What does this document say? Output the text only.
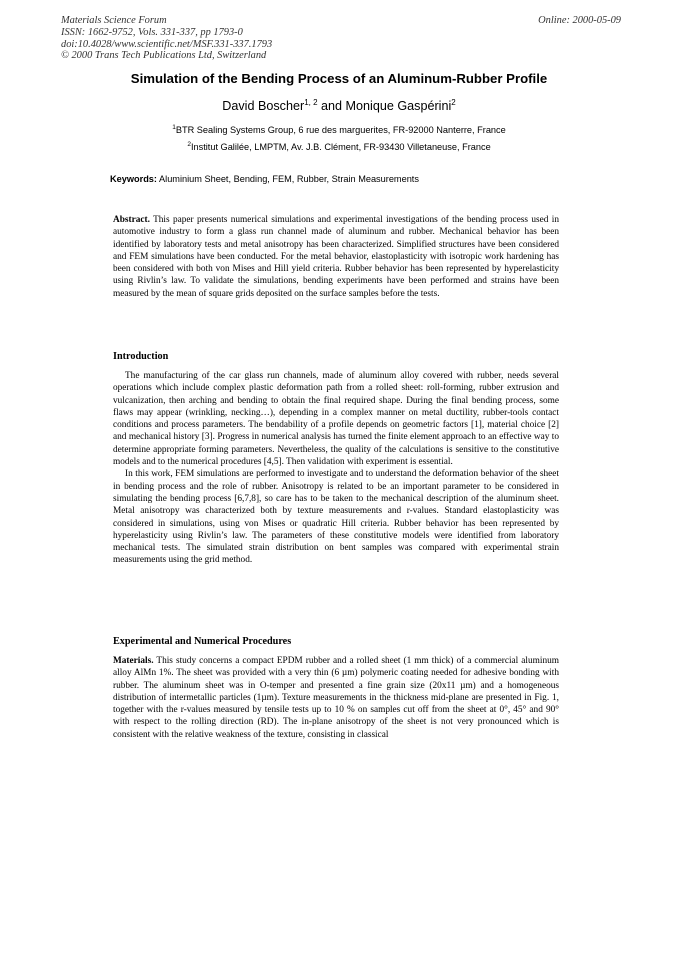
Materials Science Forum
ISSN: 1662-9752, Vols. 331-337, pp 1793-0
doi:10.4028/www.scientific.net/MSF.331-337.1793
© 2000 Trans Tech Publications Ltd, Switzerland
Online: 2000-05-09
Simulation of the Bending Process of an Aluminum-Rubber Profile
David Boscher$^{1, 2}$ and Monique Gaspérini$^2$
$^1$BTR Sealing Systems Group, 6 rue des marguerites, FR-92000 Nanterre, France
$^2$Institut Galilée, LMPTM, Av. J.B. Clément, FR-93430 Villetaneuse, France
Keywords: Aluminium Sheet, Bending, FEM, Rubber, Strain Measurements

Abstract. This paper presents numerical simulations and experimental investigations of the bending process used in automotive industry to form a glass run channel made of aluminum and rubber. Mechanical behavior has been identified by laboratory tests and metal anisotropy has been characterized. Simplified structures have been considered and FEM simulations have been conducted. For the metal behavior, elastoplasticity with isotropic work hardening has been considered with both von Mises and Hill yield criteria. Rubber behavior has been represented by hyperelasticity using Rivlin’s law. To validate the simulations, bending experiments have been performed and strains have been measured by the mean of square grids deposited on the surface samples before the tests.

Introduction

The manufacturing of the car glass run channels, made of aluminum alloy covered with rubber, needs several operations which include complex plastic deformation path from a rolled sheet: roll-forming, rubber extrusion and vulcanization, then arching and bending to obtain the final required shape. During the final bending process, some flaws may appear (wrinkling, necking…), depending in a complex manner on metal ductility, rubber-tools contact conditions and process parameters. The bendability of a profile depends on geometric factors [1], material choice [2] and mechanical history [3]. Progress in numerical analysis has turned the finite element approach to an effective way to determine appropriate forming parameters. Nevertheless, the quality of the calculations is sensitive to the constitutive models and to the numerical procedures [4,5]. Then validation with experiment is essential.

In this work, FEM simulations are performed to investigate and to understand the deformation behavior of the sheet in bending process and the role of rubber. Anisotropy is related to be an important parameter to be considered in simulating the bending process [6,7,8], so care has to be taken to the mechanical description of the aluminum sheet. Metal anisotropy was characterized both by texture measurements and r-values. Standard elastoplasticity was considered in simulations, using von Mises or quadratic Hill criteria. Rubber behavior has been represented by hyperelasticity using Rivlin’s law. The parameters of these constitutive models were identified from laboratory mechanical tests. The simulated strain distribution on bent samples was compared with experimental strain measurements using the grid method.

Experimental and Numerical Procedures

Materials. This study concerns a compact EPDM rubber and a rolled sheet (1 mm thick) of a commercial aluminum alloy AlMn 1%. The sheet was provided with a very thin (6 µm) polymeric coating needed for adhesive bonding with rubber. The aluminum sheet was in O-temper and presented a fine grain size (20x11 µm) and a homogeneous distribution of intermetallic particles (1µm). Texture measurements in the thickness mid-plane are presented in Fig. 1, together with the r-values measured by tensile tests up to 10 % on samples cut off from the sheet at 0°, 45° and 90° with respect to the rolling direction (RD). The in-plane anisotropy of the sheet is not very pronounced which is consistent with the relative weakness of the texture, consisting in classical
